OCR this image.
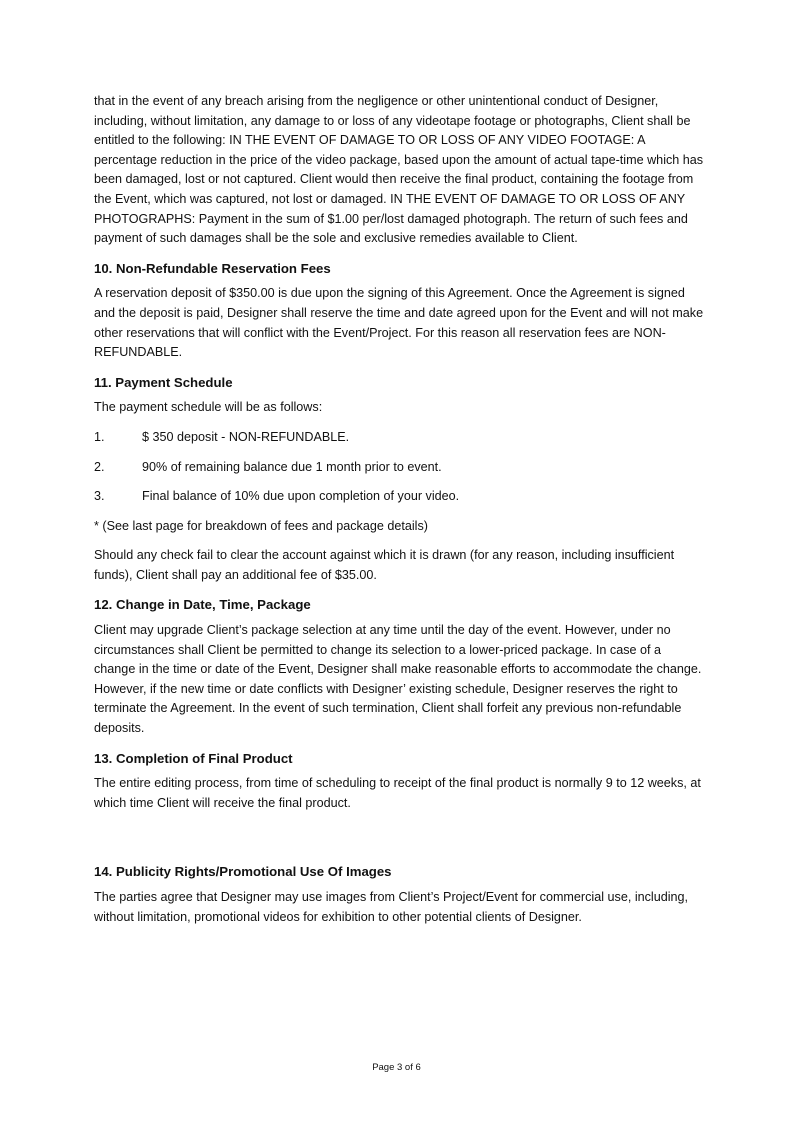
that in the event of any breach arising from the negligence or other unintentional conduct of Designer, including, without limitation, any damage to or loss of any videotape footage or photographs, Client shall be entitled to the following: IN THE EVENT OF DAMAGE TO OR LOSS OF ANY VIDEO FOOTAGE: A percentage reduction in the price of the video package, based upon the amount of actual tape-time which has been damaged, lost or not captured. Client would then receive the final product, containing the footage from the Event, which was captured, not lost or damaged. IN THE EVENT OF DAMAGE TO OR LOSS OF ANY PHOTOGRAPHS: Payment in the sum of $1.00 per/lost damaged photograph. The return of such fees and payment of such damages shall be the sole and exclusive remedies available to Client.

10. Non-Refundable Reservation Fees

A reservation deposit of $350.00 is due upon the signing of this Agreement. Once the Agreement is signed and the deposit is paid, Designer shall reserve the time and date agreed upon for the Event and will not make other reservations that will conflict with the Event/Project. For this reason all reservation fees are NON-REFUNDABLE.

11. Payment Schedule

The payment schedule will be as follows:

1.	$ 350 deposit - NON-REFUNDABLE.
2.	90% of remaining balance due 1 month prior to event.
3.	Final balance of 10% due upon completion of your video.

* (See last page for breakdown of fees and package details)

Should any check fail to clear the account against which it is drawn (for any reason, including insufficient funds), Client shall pay an additional fee of $35.00.

12. Change in Date, Time, Package

Client may upgrade Client’s package selection at any time until the day of the event. However, under no circumstances shall Client be permitted to change its selection to a lower-priced package. In case of a change in the time or date of the Event, Designer shall make reasonable efforts to accommodate the change. However, if the new time or date conflicts with Designer’ existing schedule, Designer reserves the right to terminate the Agreement. In the event of such termination, Client shall forfeit any previous non-refundable deposits.

13. Completion of Final Product

The entire editing process, from time of scheduling to receipt of the final product is normally 9 to 12 weeks, at which time Client will receive the final product.

14. Publicity Rights/Promotional Use Of Images

The parties agree that Designer may use images from Client’s Project/Event for commercial use, including, without limitation, promotional videos for exhibition to other potential clients of Designer.

Page 3 of 6
